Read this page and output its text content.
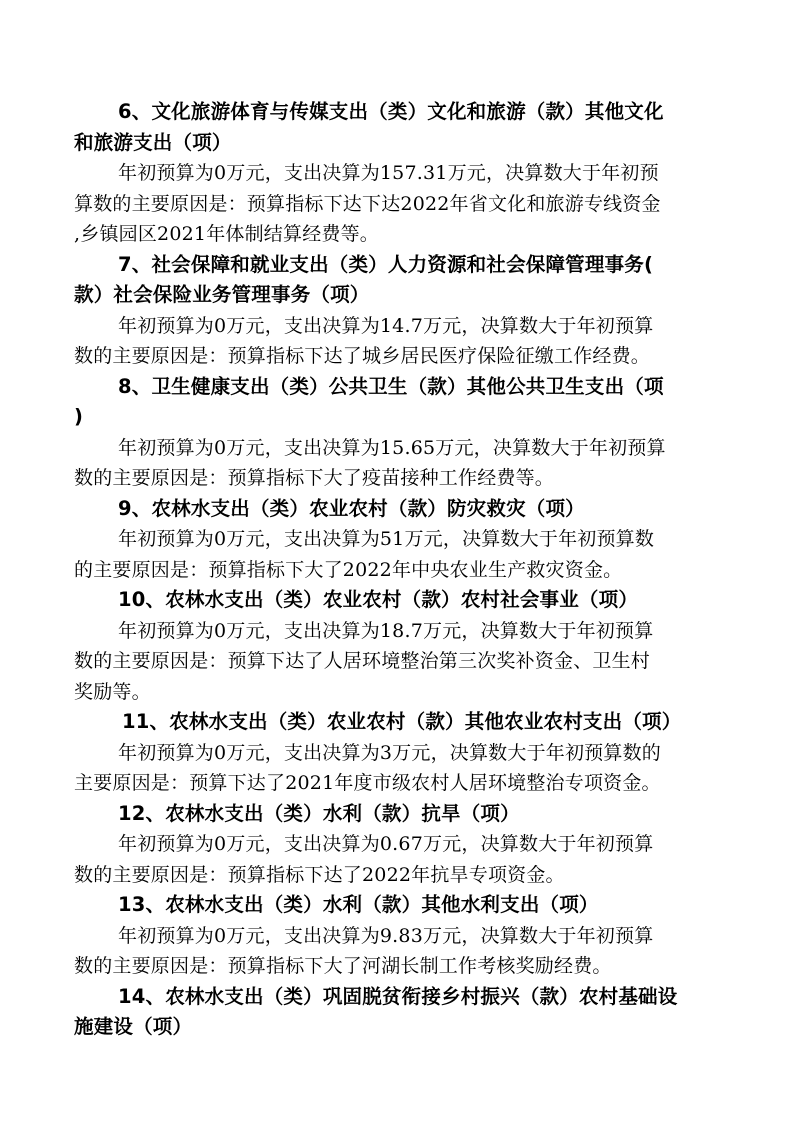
6、文化旅游体育与传媒支出（类）文化和旅游（款）其他文化
和旅游支出（项）
年初预算为0万元，支出决算为157.31万元，决算数大于年初预
算数的主要原因是：预算指标下达下达2022年省文化和旅游专线资金
,乡镇园区2021年体制结算经费等。
7、社会保障和就业支出（类）人力资源和社会保障管理事务(
款）社会保险业务管理事务（项）
年初预算为0万元，支出决算为14.7万元，决算数大于年初预算
数的主要原因是：预算指标下达了城乡居民医疗保险征缴工作经费。
8、卫生健康支出（类）公共卫生（款）其他公共卫生支出（项
)
年初预算为0万元，支出决算为15.65万元，决算数大于年初预算
数的主要原因是：预算指标下大了疫苗接种工作经费等。
9、农林水支出（类）农业农村（款）防灾救灾（项）
年初预算为0万元，支出决算为51万元，决算数大于年初预算数
的主要原因是：预算指标下大了2022年中央农业生产救灾资金。
10、农林水支出（类）农业农村（款）农村社会事业（项）
年初预算为0万元，支出决算为18.7万元，决算数大于年初预算
数的主要原因是：预算下达了人居环境整治第三次奖补资金、卫生村
奖励等。
11、农林水支出（类）农业农村（款）其他农业农村支出（项）
年初预算为0万元，支出决算为3万元，决算数大于年初预算数的
主要原因是：预算下达了2021年度市级农村人居环境整治专项资金。
12、农林水支出（类）水利（款）抗旱（项）
年初预算为0万元，支出决算为0.67万元，决算数大于年初预算
数的主要原因是：预算指标下达了2022年抗旱专项资金。
13、农林水支出（类）水利（款）其他水利支出（项）
年初预算为0万元，支出决算为9.83万元，决算数大于年初预算
数的主要原因是：预算指标下大了河湖长制工作考核奖励经费。
14、农林水支出（类）巩固脱贫衔接乡村振兴（款）农村基础设
施建设（项）
